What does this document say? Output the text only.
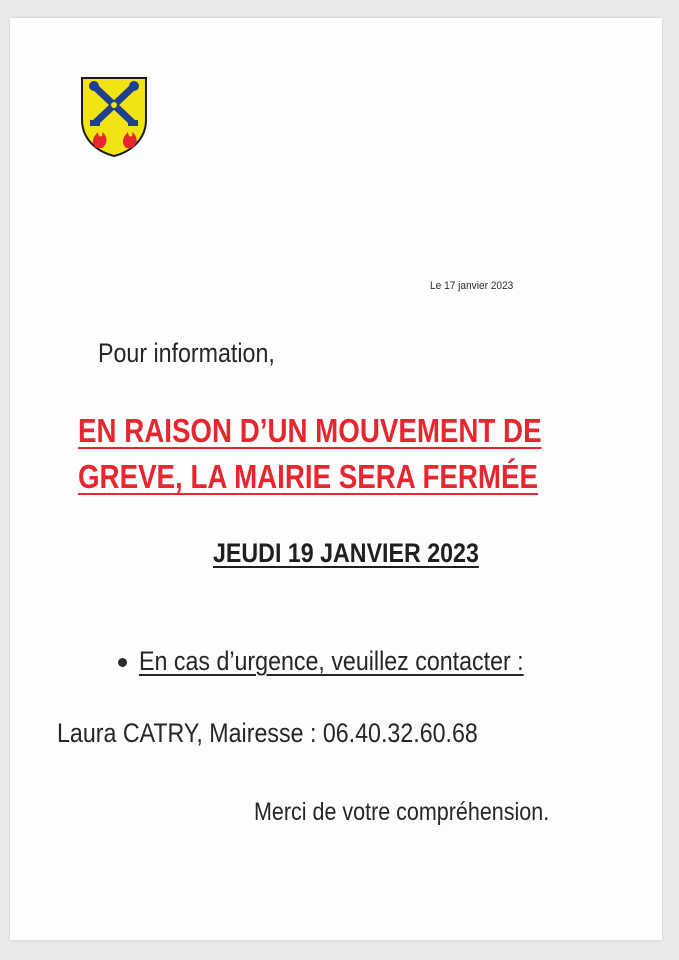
Le 17 janvier 2023
Pour information,
EN RAISON D’UN MOUVEMENT DE
GREVE, LA MAIRIE SERA FERMÉE
JEUDI 19 JANVIER 2023
En cas d’urgence, veuillez contacter :
Laura CATRY, Mairesse : 06.40.32.60.68
Merci de votre compréhension.
